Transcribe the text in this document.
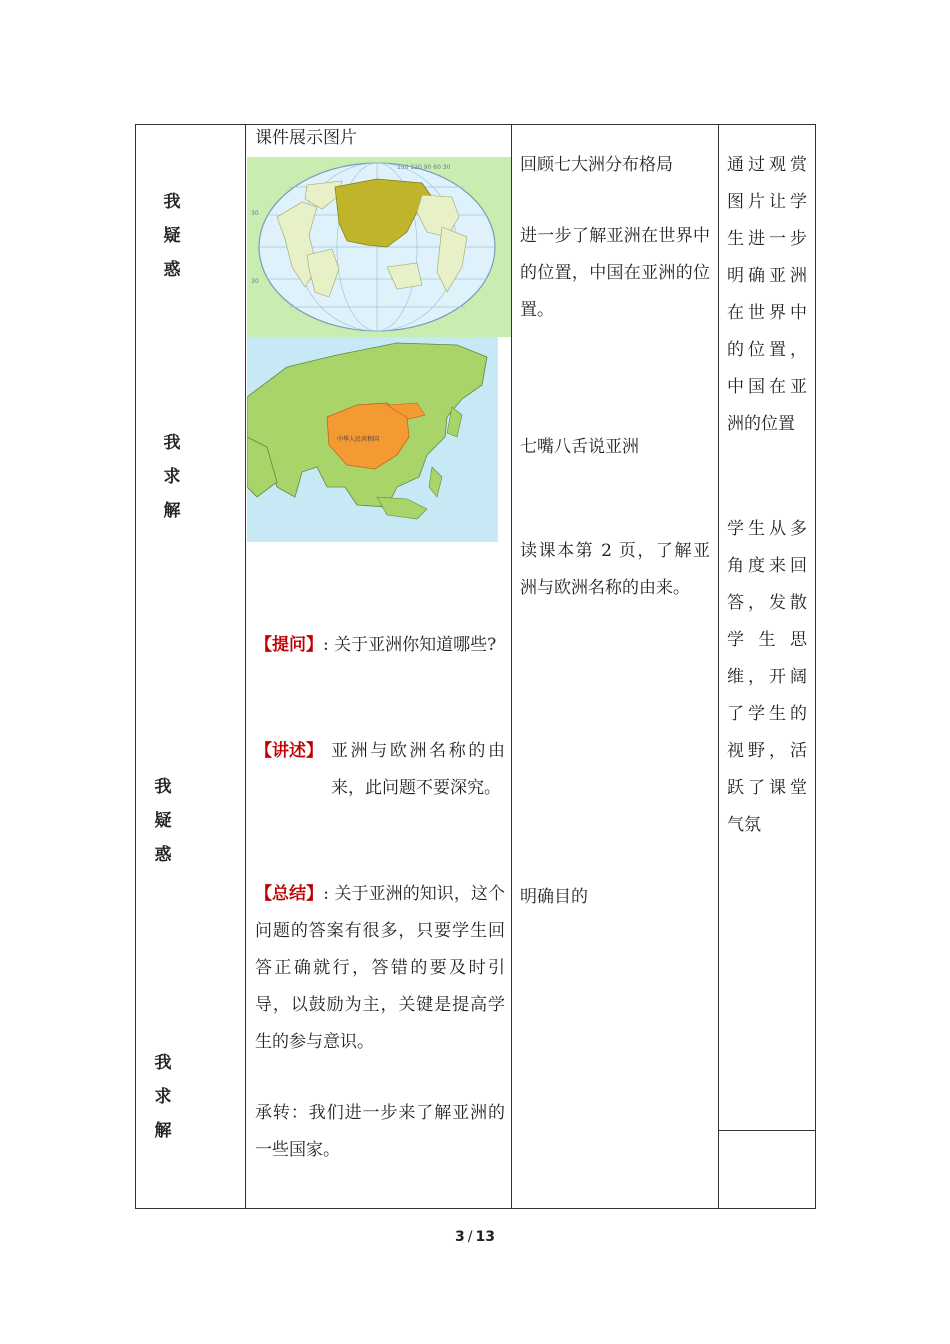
我
疑
惑
我
求
解
我
疑
惑
我
求
解
课件展示图片
150 120 90 60 30
30
30
中华人民共和国
【提问】: 关于亚洲你知道哪些?
【讲述】 亚洲与欧洲名称的由来，此问题不要深究。
【总结】: 关于亚洲的知识，这个问题的答案有很多，只要学生回答正确就行，答错的要及时引导，以鼓励为主，关键是提高学生的参与意识。
承转：我们进一步来了解亚洲的一些国家。
回顾七大洲分布格局
进一步了解亚洲在世界中的位置，中国在亚洲的位置。
七嘴八舌说亚洲
读课本第 2 页，了解亚洲与欧洲名称的由来。
明确目的
通过观赏图片让学生进一步明确亚洲在世界中的位置，中国在亚洲的位置
学生从多角度来回答，发散学生思维，开阔了学生的视野，活跃了课堂气氛
3 / 13
